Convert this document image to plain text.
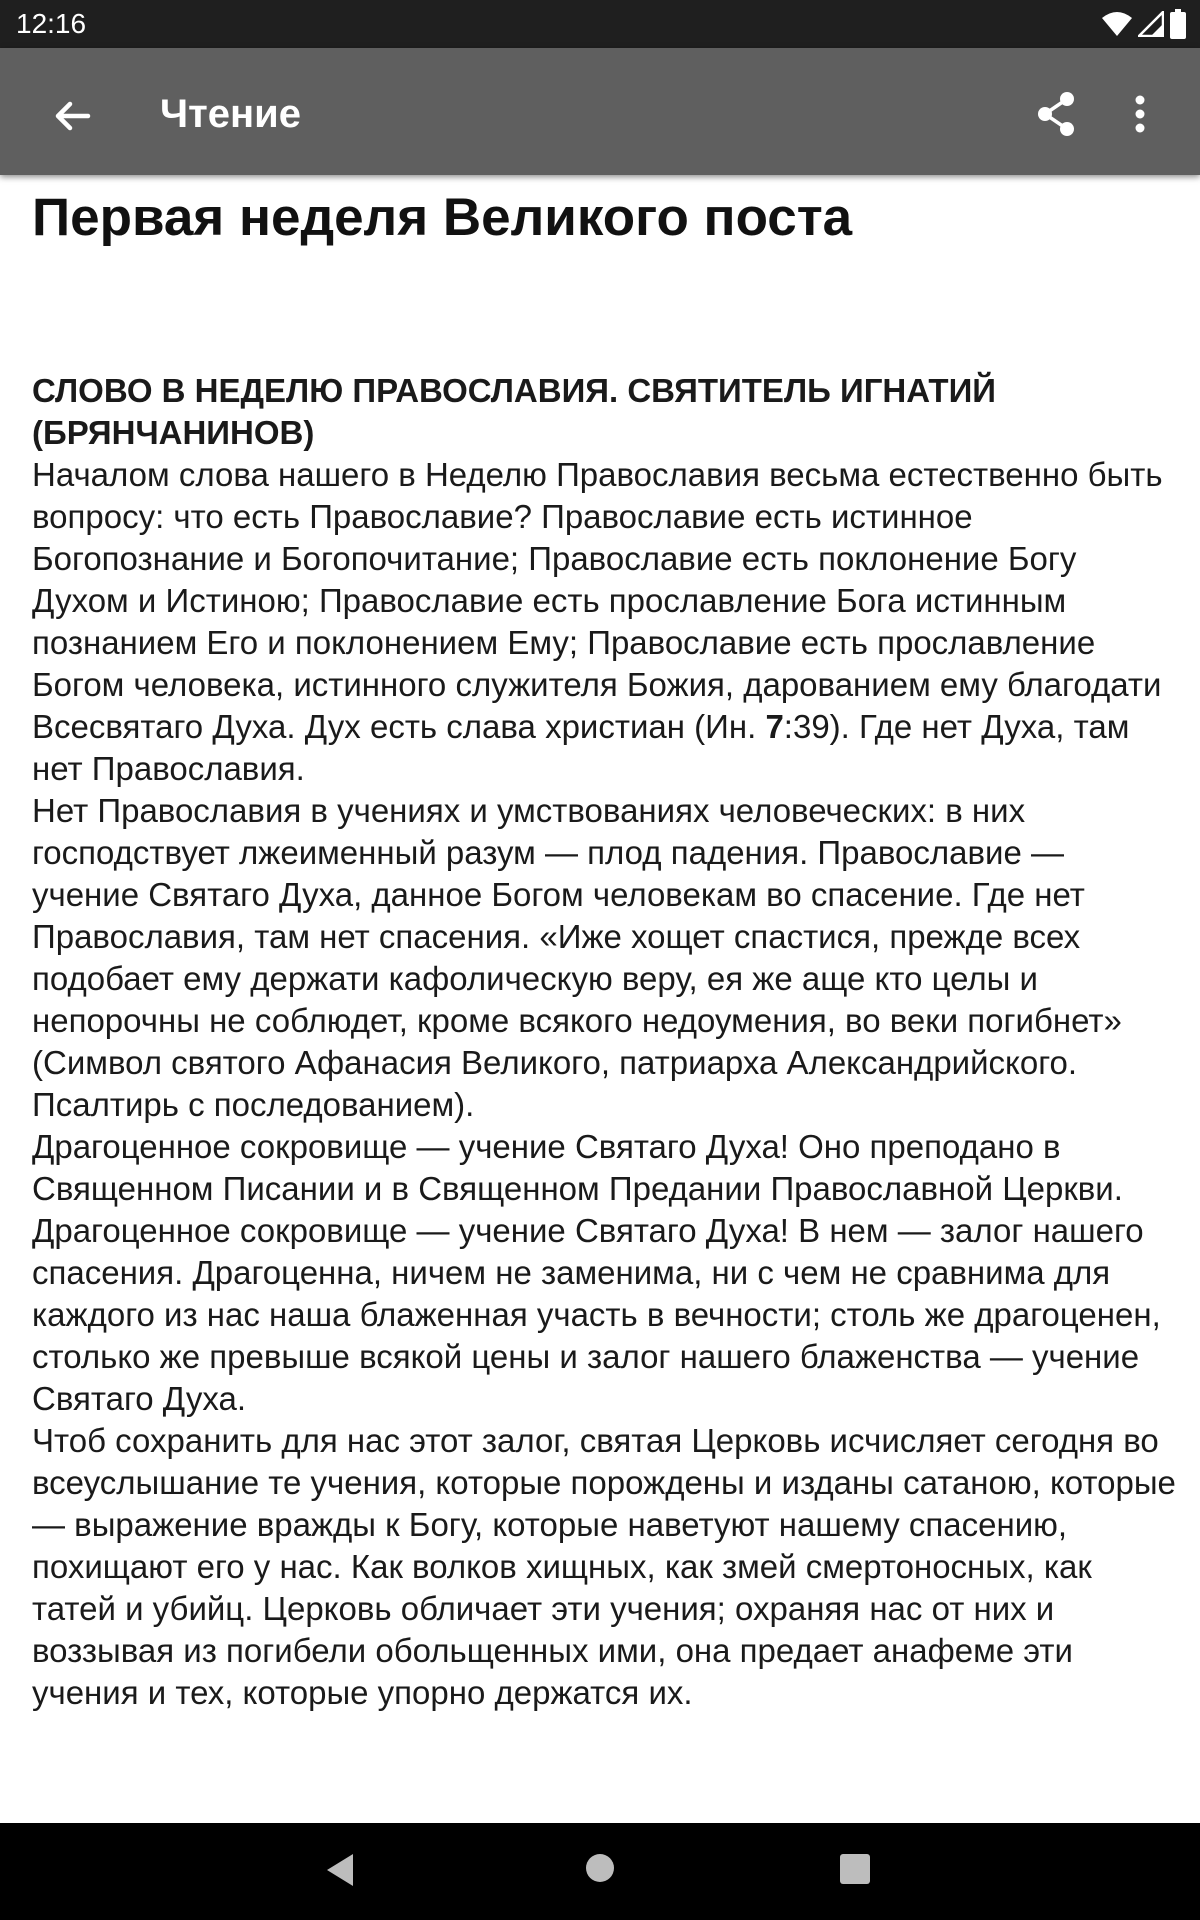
12:16
Чтение
Первая неделя Великого поста
СЛОВО В НЕДЕЛЮ ПРАВОСЛАВИЯ. СВЯТИТЕЛЬ ИГНАТИЙ (БРЯНЧАНИНОВ)

Началом слова нашего в Неделю Православия весьма естественно быть вопросу: что есть Православие? Православие есть истинное Богопознание и Богопочитание; Православие есть поклонение Богу Духом и Истиною; Православие есть прославление Бога истинным познанием Его и поклонением Ему; Православие есть прославление Богом человека, истинного служителя Божия, дарованием ему благодати Всесвятаго Духа. Дух есть слава христиан (Ин. 7:39). Где нет Духа, там нет Православия.

Нет Православия в учениях и умствованиях человеческих: в них господствует лжеименный разум — плод падения. Православие — учение Святаго Духа, данное Богом человекам во спасение. Где нет Православия, там нет спасения. «Иже хощет спастися, прежде всех подобает ему держати кафолическую веру, ея же аще кто целы и непорочны не соблюдет, кроме всякого недоумения, во веки погибнет» (Символ святого Афанасия Великого, патриарха Александрийского. Псалтирь с последованием).

Драгоценное сокровище — учение Святаго Духа! Оно преподано в Священном Писании и в Священном Предании Православной Церкви. Драгоценное сокровище — учение Святаго Духа! В нем — залог нашего спасения. Драгоценна, ничем не заменима, ни с чем не сравнима для каждого из нас наша блаженная участь в вечности; столь же драгоценен, столько же превыше всякой цены и залог нашего блаженства — учение Святаго Духа.

Чтоб сохранить для нас этот залог, святая Церковь исчисляет сегодня во всеуслышание те учения, которые порождены и изданы сатаною, которые — выражение вражды к Богу, которые наветуют нашему спасению, похищают его у нас. Как волков хищных, как змей смертоносных, как татей и убийц. Церковь обличает эти учения; охраняя нас от них и воззывая из погибели обольщенных ими, она предает анафеме эти учения и тех, которые упорно держатся их.
